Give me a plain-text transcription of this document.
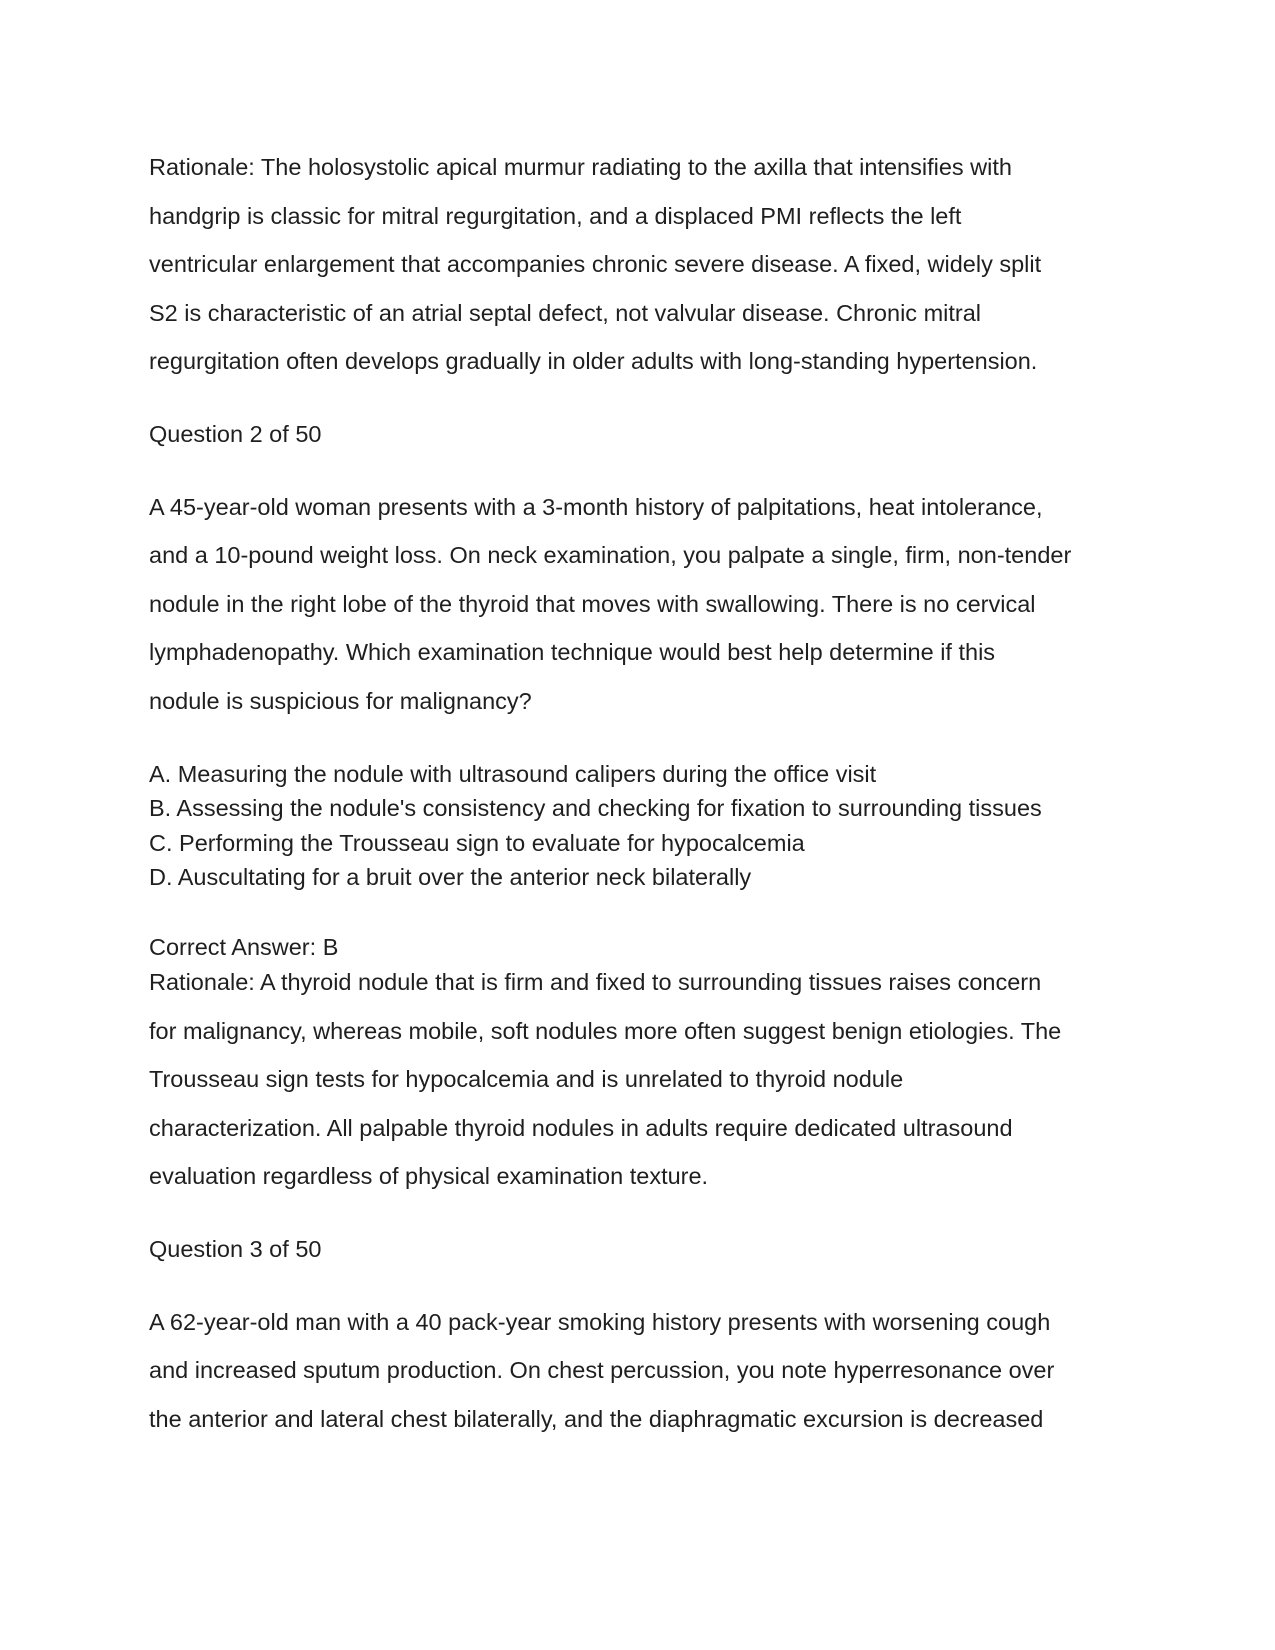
Rationale: The holosystolic apical murmur radiating to the axilla that intensifies with
handgrip is classic for mitral regurgitation, and a displaced PMI reflects the left
ventricular enlargement that accompanies chronic severe disease. A fixed, widely split
S2 is characteristic of an atrial septal defect, not valvular disease. Chronic mitral
regurgitation often develops gradually in older adults with long-standing hypertension.

Question 2 of 50

A 45-year-old woman presents with a 3-month history of palpitations, heat intolerance,
and a 10-pound weight loss. On neck examination, you palpate a single, firm, non-tender
nodule in the right lobe of the thyroid that moves with swallowing. There is no cervical
lymphadenopathy. Which examination technique would best help determine if this
nodule is suspicious for malignancy?

A. Measuring the nodule with ultrasound calipers during the office visit
B. Assessing the nodule's consistency and checking for fixation to surrounding tissues
C. Performing the Trousseau sign to evaluate for hypocalcemia
D. Auscultating for a bruit over the anterior neck bilaterally

Correct Answer: B

Rationale: A thyroid nodule that is firm and fixed to surrounding tissues raises concern
for malignancy, whereas mobile, soft nodules more often suggest benign etiologies. The
Trousseau sign tests for hypocalcemia and is unrelated to thyroid nodule
characterization. All palpable thyroid nodules in adults require dedicated ultrasound
evaluation regardless of physical examination texture.

Question 3 of 50

A 62-year-old man with a 40 pack-year smoking history presents with worsening cough
and increased sputum production. On chest percussion, you note hyperresonance over
the anterior and lateral chest bilaterally, and the diaphragmatic excursion is decreased
